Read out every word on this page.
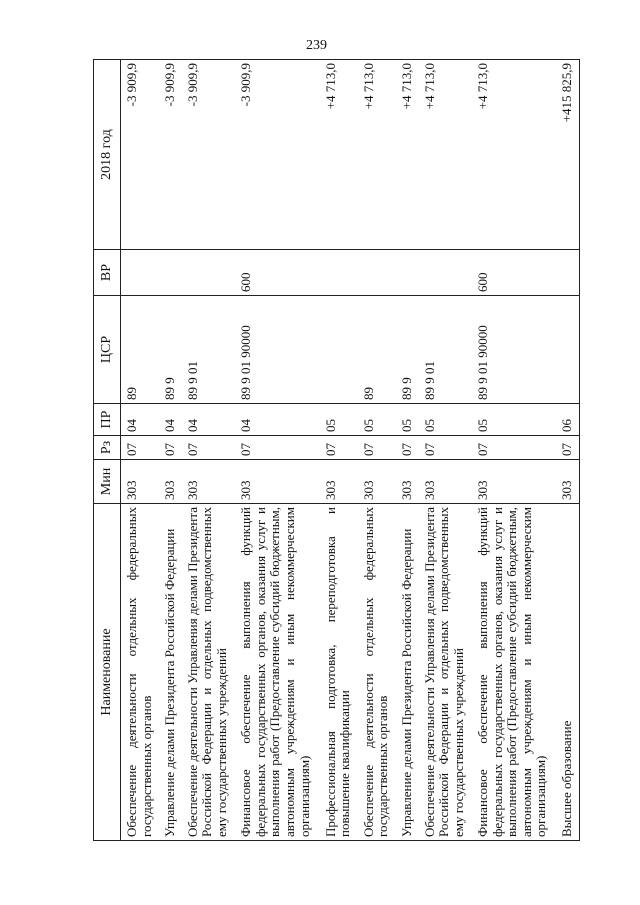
239
Наименование	Мин	Рз	ПР	ЦСР	ВР	2018 год
Обеспечение деятельности отдельных федеральных государственных органов	303	07	04	89		-3 909,9
Управление делами Президента Российской Федерации	303	07	04	89 9		-3 909,9
Обеспечение деятельности Управления делами Президента Российской Федерации и отдельных подведомственных ему государственных учреждений	303	07	04	89 9 01		-3 909,9
Финансовое обеспечение выполнения функций федеральных государственных органов, оказания услуг и выполнения работ (Предоставление субсидий бюджетным, автономным учреждениям и иным некоммерческим организациям)	303	07	04	89 9 01 90000	600	-3 909,9
Профессиональная подготовка, переподготовка и повышение квалификации	303	07	05			+4 713,0
Обеспечение деятельности отдельных федеральных государственных органов	303	07	05	89		+4 713,0
Управление делами Президента Российской Федерации	303	07	05	89 9		+4 713,0
Обеспечение деятельности Управления делами Президента Российской Федерации и отдельных подведомственных ему государственных учреждений	303	07	05	89 9 01		+4 713,0
Финансовое обеспечение выполнения функций федеральных государственных органов, оказания услуг и выполнения работ (Предоставление субсидий бюджетным, автономным учреждениям и иным некоммерческим организациям)	303	07	05	89 9 01 90000	600	+4 713,0
Высшее образование	303	07	06			+415 825,9
